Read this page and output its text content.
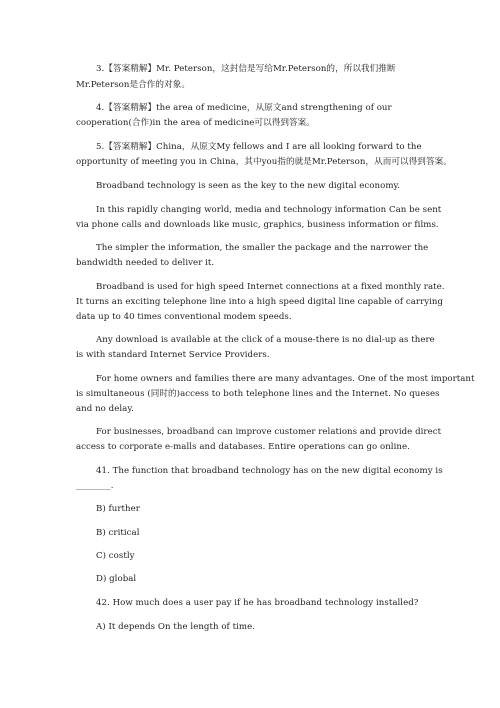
3.【答案精解】Mr. Peterson，这封信是写给Mr.Peterson的，所以我们推断
Mr.Peterson是合作的对象。
4.【答案精解】the area of medicine，从原文and strengthening of our
cooperation(合作)in the area of medicine可以得到答案。
5.【答案精解】China，从原文My fellows and I are all looking forward to the
opportunity of meeting you in China，其中you指的就是Mr.Peterson，从而可以得到答案。
Broadband technology is seen as the key to the new digital economy.
In this rapidly changing world, media and technology information Can be sent
via phone calls and downloads like music, graphics, business information or films.
The simpler the information, the smaller the package and the narrower the
bandwidth needed to deliver it.
Broadband is used for high speed Internet connections at a fixed monthly rate.
It turns an exciting telephone line into a high speed digital line capable of carrying
data up to 40 times conventional modem speeds.
Any download is available at the click of a mouse-there is no dial-up as there
is with standard Internet Service Providers.
For home owners and families there are many advantages. One of the most important
is simultaneous (同时的)access to both telephone lines and the Internet. No queses
and no delay.
For businesses, broadband can improve customer relations and provide direct
access to corporate e-malls and databases. Entire operations can go online.
41. The function that broadband technology has on the new digital economy is
________.
B) further
B) critical
C) costly
D) global
42. How much does a user pay if he has broadband technology installed?
A) It depends On the length of time.
